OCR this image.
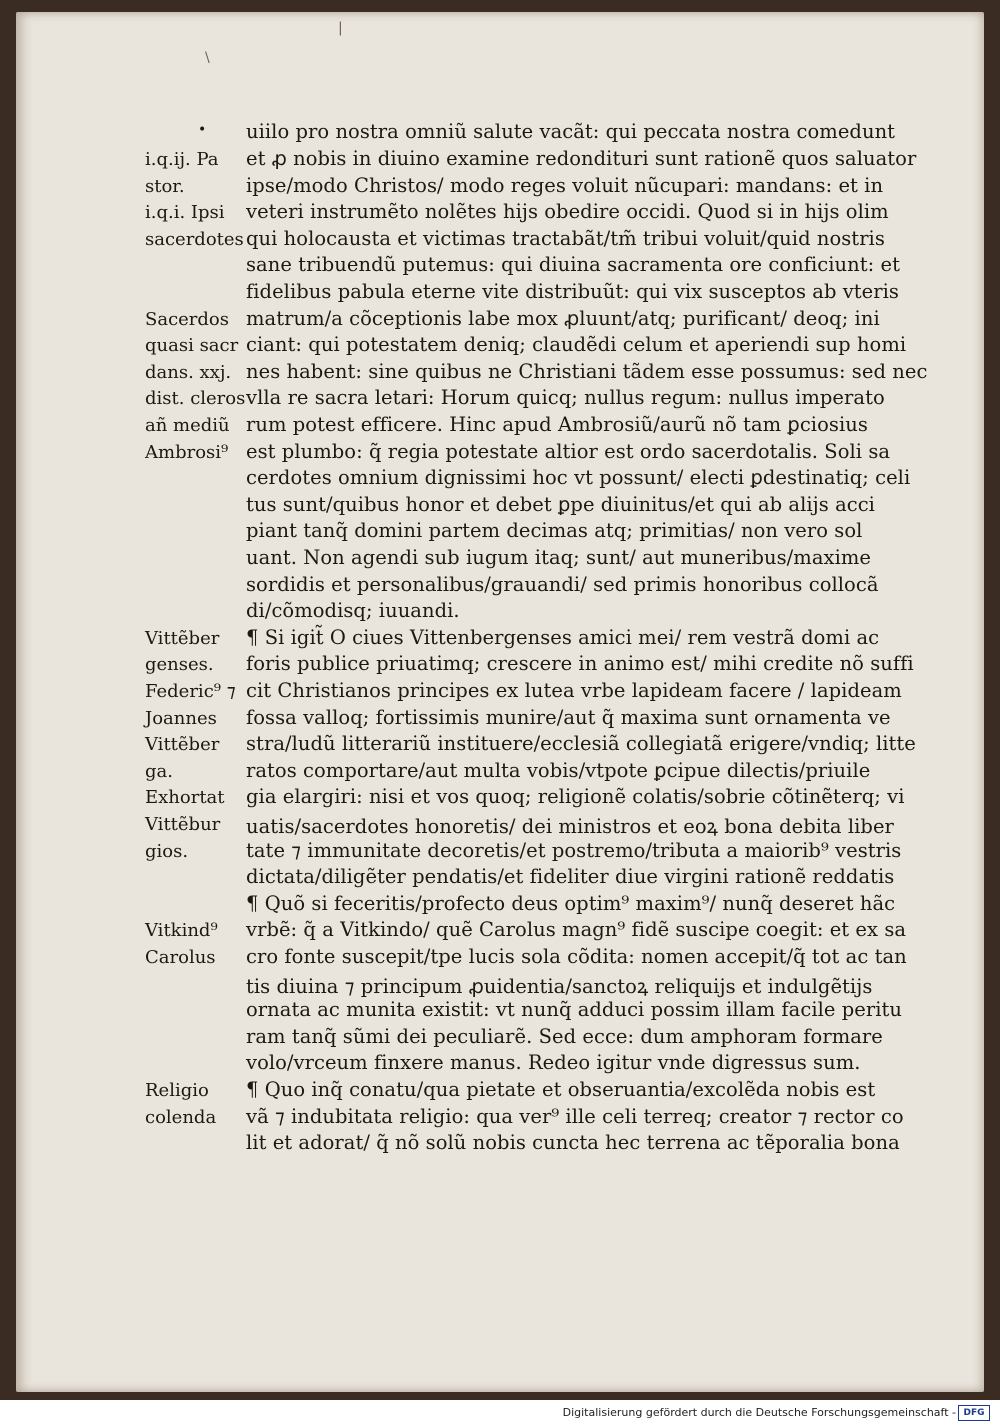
|
\
• uiilo pro nostra omniũ salute vacãt: qui peccata nostra comedunt
et ꝓ nobis in diuino examine redondituri sunt rationẽ quos saluator
ipse/modo Christos/ modo reges voluit nũcupari: mandans: et in
veteri instrumẽto nolẽtes hijs obedire occidi. Quod si in hijs olim
qui holocausta et victimas tractabãt/tm̃ tribui voluit/quid nostris
sane tribuendũ putemus: qui diuina sacramenta ore conficiunt: et
fidelibus pabula eterne vite distribuũt: qui vix susceptos ab vteris
matrum/a cõceptionis labe mox ꝓluunt/atq; purificant/ deoq; ini
ciant: qui potestatem deniq; claudẽdi celum et aperiendi sup homi
nes habent: sine quibus ne Christiani tãdem esse possumus: sed nec
vlla re sacra letari: Horum quicq; nullus regum: nullus imperato
rum potest efficere. Hinc apud Ambrosiũ/aurũ nõ tam ꝑciosius
est plumbo: q̃ regia potestate altior est ordo sacerdotalis. Soli sa
cerdotes omnium dignissimi hoc vt possunt/ electi ꝑdestinatiq; celi
tus sunt/quibus honor et debet ꝑpe diuinitus/et qui ab alijs acci
piant tanq̃ domini partem decimas atq; primitias/ non vero sol
uant. Non agendi sub iugum itaq; sunt/ aut muneribus/maxime
sordidis et personalibus/grauandi/ sed primis honoribus collocã
di/cõmodisq; iuuandi.
¶ Si igit̃ O ciues Vittenbergenses amici mei/ rem vestrã domi ac
foris publice priuatimq; crescere in animo est/ mihi credite nõ suffi
cit Christianos principes ex lutea vrbe lapideam facere / lapideam
fossa valloq; fortissimis munire/aut q̃ maxima sunt ornamenta ve
stra/ludũ litterariũ instituere/ecclesiã collegiatã erigere/vndiq; litte
ratos comportare/aut multa vobis/vtpote ꝑcipue dilectis/priuile
gia elargiri: nisi et vos quoq; religionẽ colatis/sobrie cõtinẽterq; vi
uatis/sacerdotes honoretis/ dei ministros et eoꝝ bona debita liber
tate ⁊ immunitate decoretis/et postremo/tributa a maiorib⁹ vestris
dictata/diligẽter pendatis/et fideliter diue virgini rationẽ reddatis
¶ Quõ si feceritis/profecto deus optim⁹ maxim⁹/ nunq̃ deseret hãc
vrbẽ: q̃ a Vitkindo/ quẽ Carolus magn⁹ fidẽ suscipe coegit: et ex sa
cro fonte suscepit/tpe lucis sola cõdita: nomen accepit/q̃ tot ac tan
tis diuina ⁊ principum ꝓuidentia/sanctoꝝ reliquijs et indulgẽtijs
ornata ac munita existit: vt nunq̃ adduci possim illam facile peritu
ram tanq̃ sũmi dei peculiarẽ. Sed ecce: dum amphoram formare
volo/vrceum finxere manus. Redeo igitur vnde digressus sum.
¶ Quo inq̃ conatu/qua pietate et obseruantia/excolẽda nobis est
vã ⁊ indubitata religio: qua ver⁹ ille celi terreq; creator ⁊ rector co
lit et adorat/ q̃ nõ solũ nobis cuncta hec terrena ac tẽporalia bona
i.q.ij. Pa
stor.
i.q.i. Ipsi
sacerdotes
Sacerdos
quasi sacr
dans. xxj.
dist. cleros
añ mediũ
Ambrosi⁹
Vittẽber
genses.
Federic⁹ ⁊
Joannes
Vittẽber
ga.
Exhortat
Vittẽbur
gios.
Vitkind⁹
Carolus
Religio
colenda
Digitalisierung gefördert durch die Deutsche Forschungsgemeinschaft - DFG
